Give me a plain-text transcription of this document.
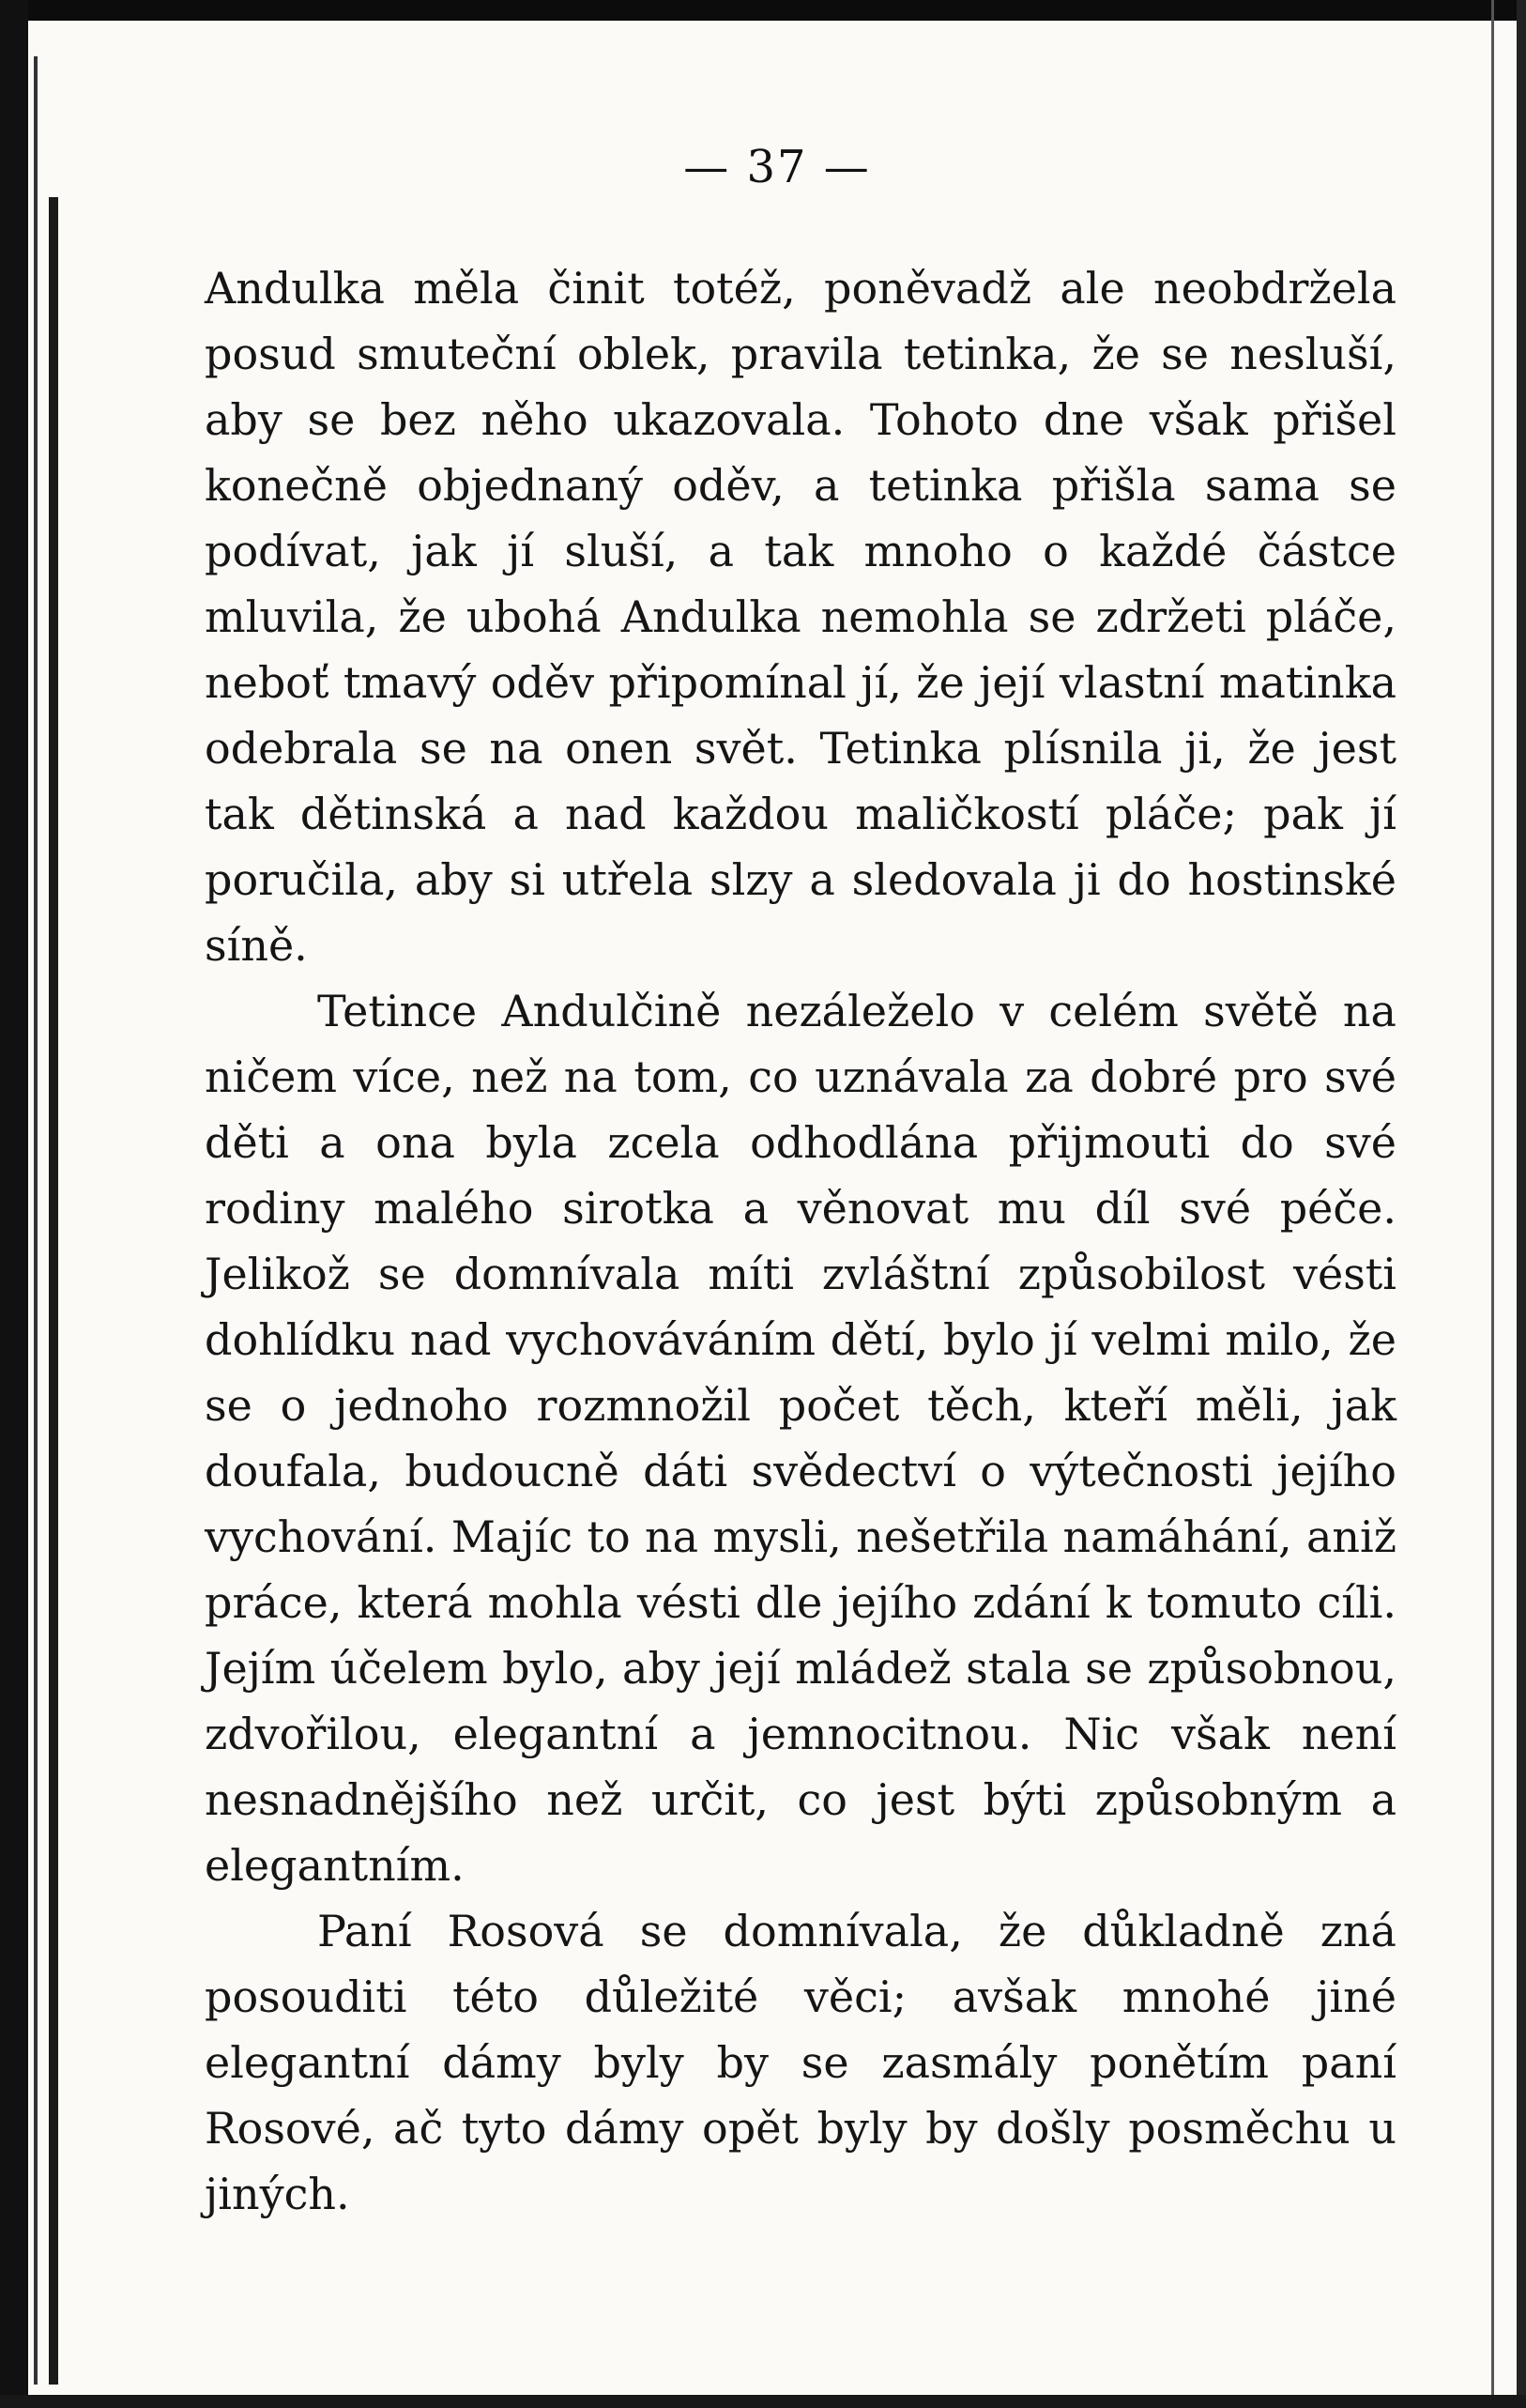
— 37 —

Andulka měla činit totéž, poněvadž ale neobdržela posud smuteční oblek, pravila tetinka, že se nesluší, aby se bez něho ukazovala. Tohoto dne však přišel konečně objednaný oděv, a tetinka přišla sama se podívat, jak jí sluší, a tak mnoho o každé částce mluvila, že ubohá Andulka nemohla se zdržeti pláče, neboť tmavý oděv připomínal jí, že její vlastní matinka odebrala se na onen svět. Tetinka plísnila ji, že jest tak dětinská a nad každou maličkostí pláče; pak jí poručila, aby si utřela slzy a sledovala ji do hostinské síně.

Tetince Andulčině nezáleželo v celém světě na ničem více, než na tom, co uznávala za dobré pro své děti a ona byla zcela odhodlána přijmouti do své rodiny malého sirotka a věnovat mu díl své péče. Jelikož se domnívala míti zvláštní způsobilost vésti dohlídku nad vychováváním dětí, bylo jí velmi milo, že se o jednoho rozmnožil počet těch, kteří měli, jak doufala, budoucně dáti svědectví o výtečnosti jejího vychování. Majíc to na mysli, nešetřila namáhání, aniž práce, která mohla vésti dle jejího zdání k tomuto cíli. Jejím účelem bylo, aby její mládež stala se způsobnou, zdvořilou, elegantní a jemnocitnou. Nic však není nesnadnějšího než určit, co jest býti způsobným a elegantním.

Paní Rosová se domnívala, že důkladně zná posouditi této důležité věci; avšak mnohé jiné elegantní dámy byly by se zasmály ponětím paní Rosové, ač tyto dámy opět byly by došly posměchu u jiných.
